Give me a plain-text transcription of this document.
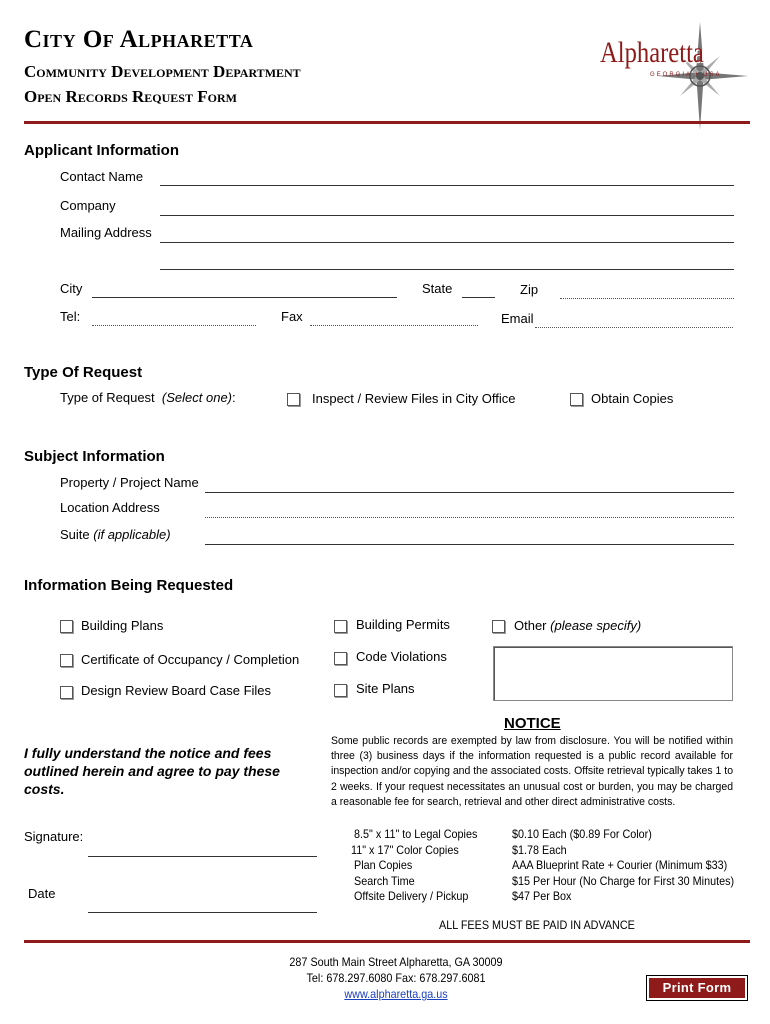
City Of Alpharetta
Community Development Department
Open Records Request Form
Alpharetta
GEORGIA • USA
Applicant Information
Contact Name
Company
Mailing Address
City	State	Zip
Tel:	Fax	Email
Type Of Request
Type of Request (Select one):	Inspect / Review Files in City Office	Obtain Copies
Subject Information
Property / Project Name
Location Address
Suite (if applicable)
Information Being Requested
Building Plans	Building Permits	Other (please specify)
Certificate of Occupancy / Completion	Code Violations
Design Review Board Case Files	Site Plans
NOTICE
Some public records are exempted by law from disclosure. You will be notified within three (3) business days if the information requested is a public record available for inspection and/or copying and the associated costs. Offsite retrieval typically takes 1 to 2 weeks. If your request necessitates an unusual cost or burden, you may be charged a reasonable fee for search, retrieval and other direct administrative costs.
I fully understand the notice and fees outlined herein and agree to pay these costs.
Signature:
Date
8.5" x 11" to Legal Copies	$0.10 Each ($0.89 For Color)
11" x 17" Color Copies	$1.78 Each
Plan Copies	AAA Blueprint Rate + Courier (Minimum $33)
Search Time	$15 Per Hour (No Charge for First 30 Minutes)
Offsite Delivery / Pickup	$47 Per Box
ALL FEES MUST BE PAID IN ADVANCE
287 South Main Street Alpharetta, GA 30009
Tel: 678.297.6080 Fax: 678.297.6081
www.alpharetta.ga.us	Print Form
